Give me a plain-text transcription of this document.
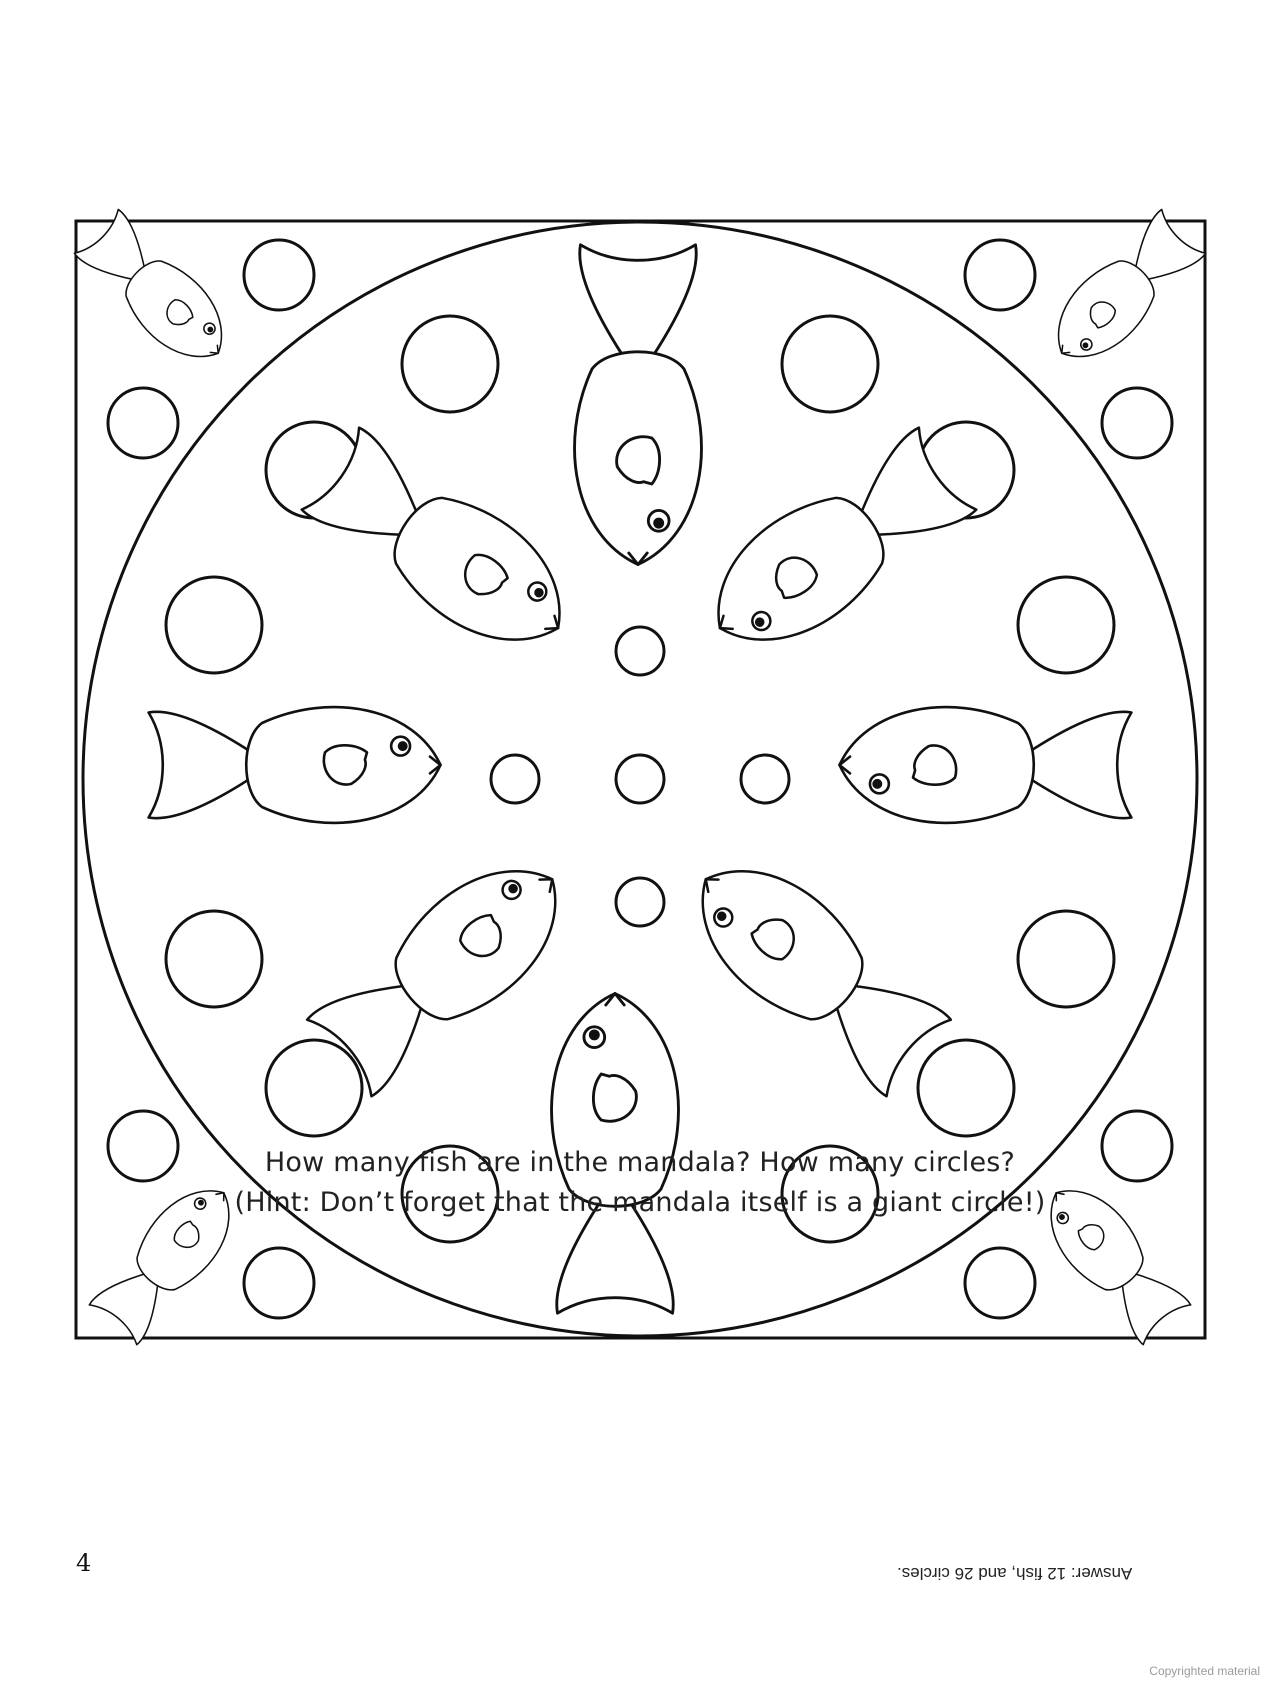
How many fish are in the mandala? How many circles?
(Hint: Don’t forget that the mandala itself is a giant circle!)
4	Answer: 12 fish, and 26 circles.
Copyrighted material
